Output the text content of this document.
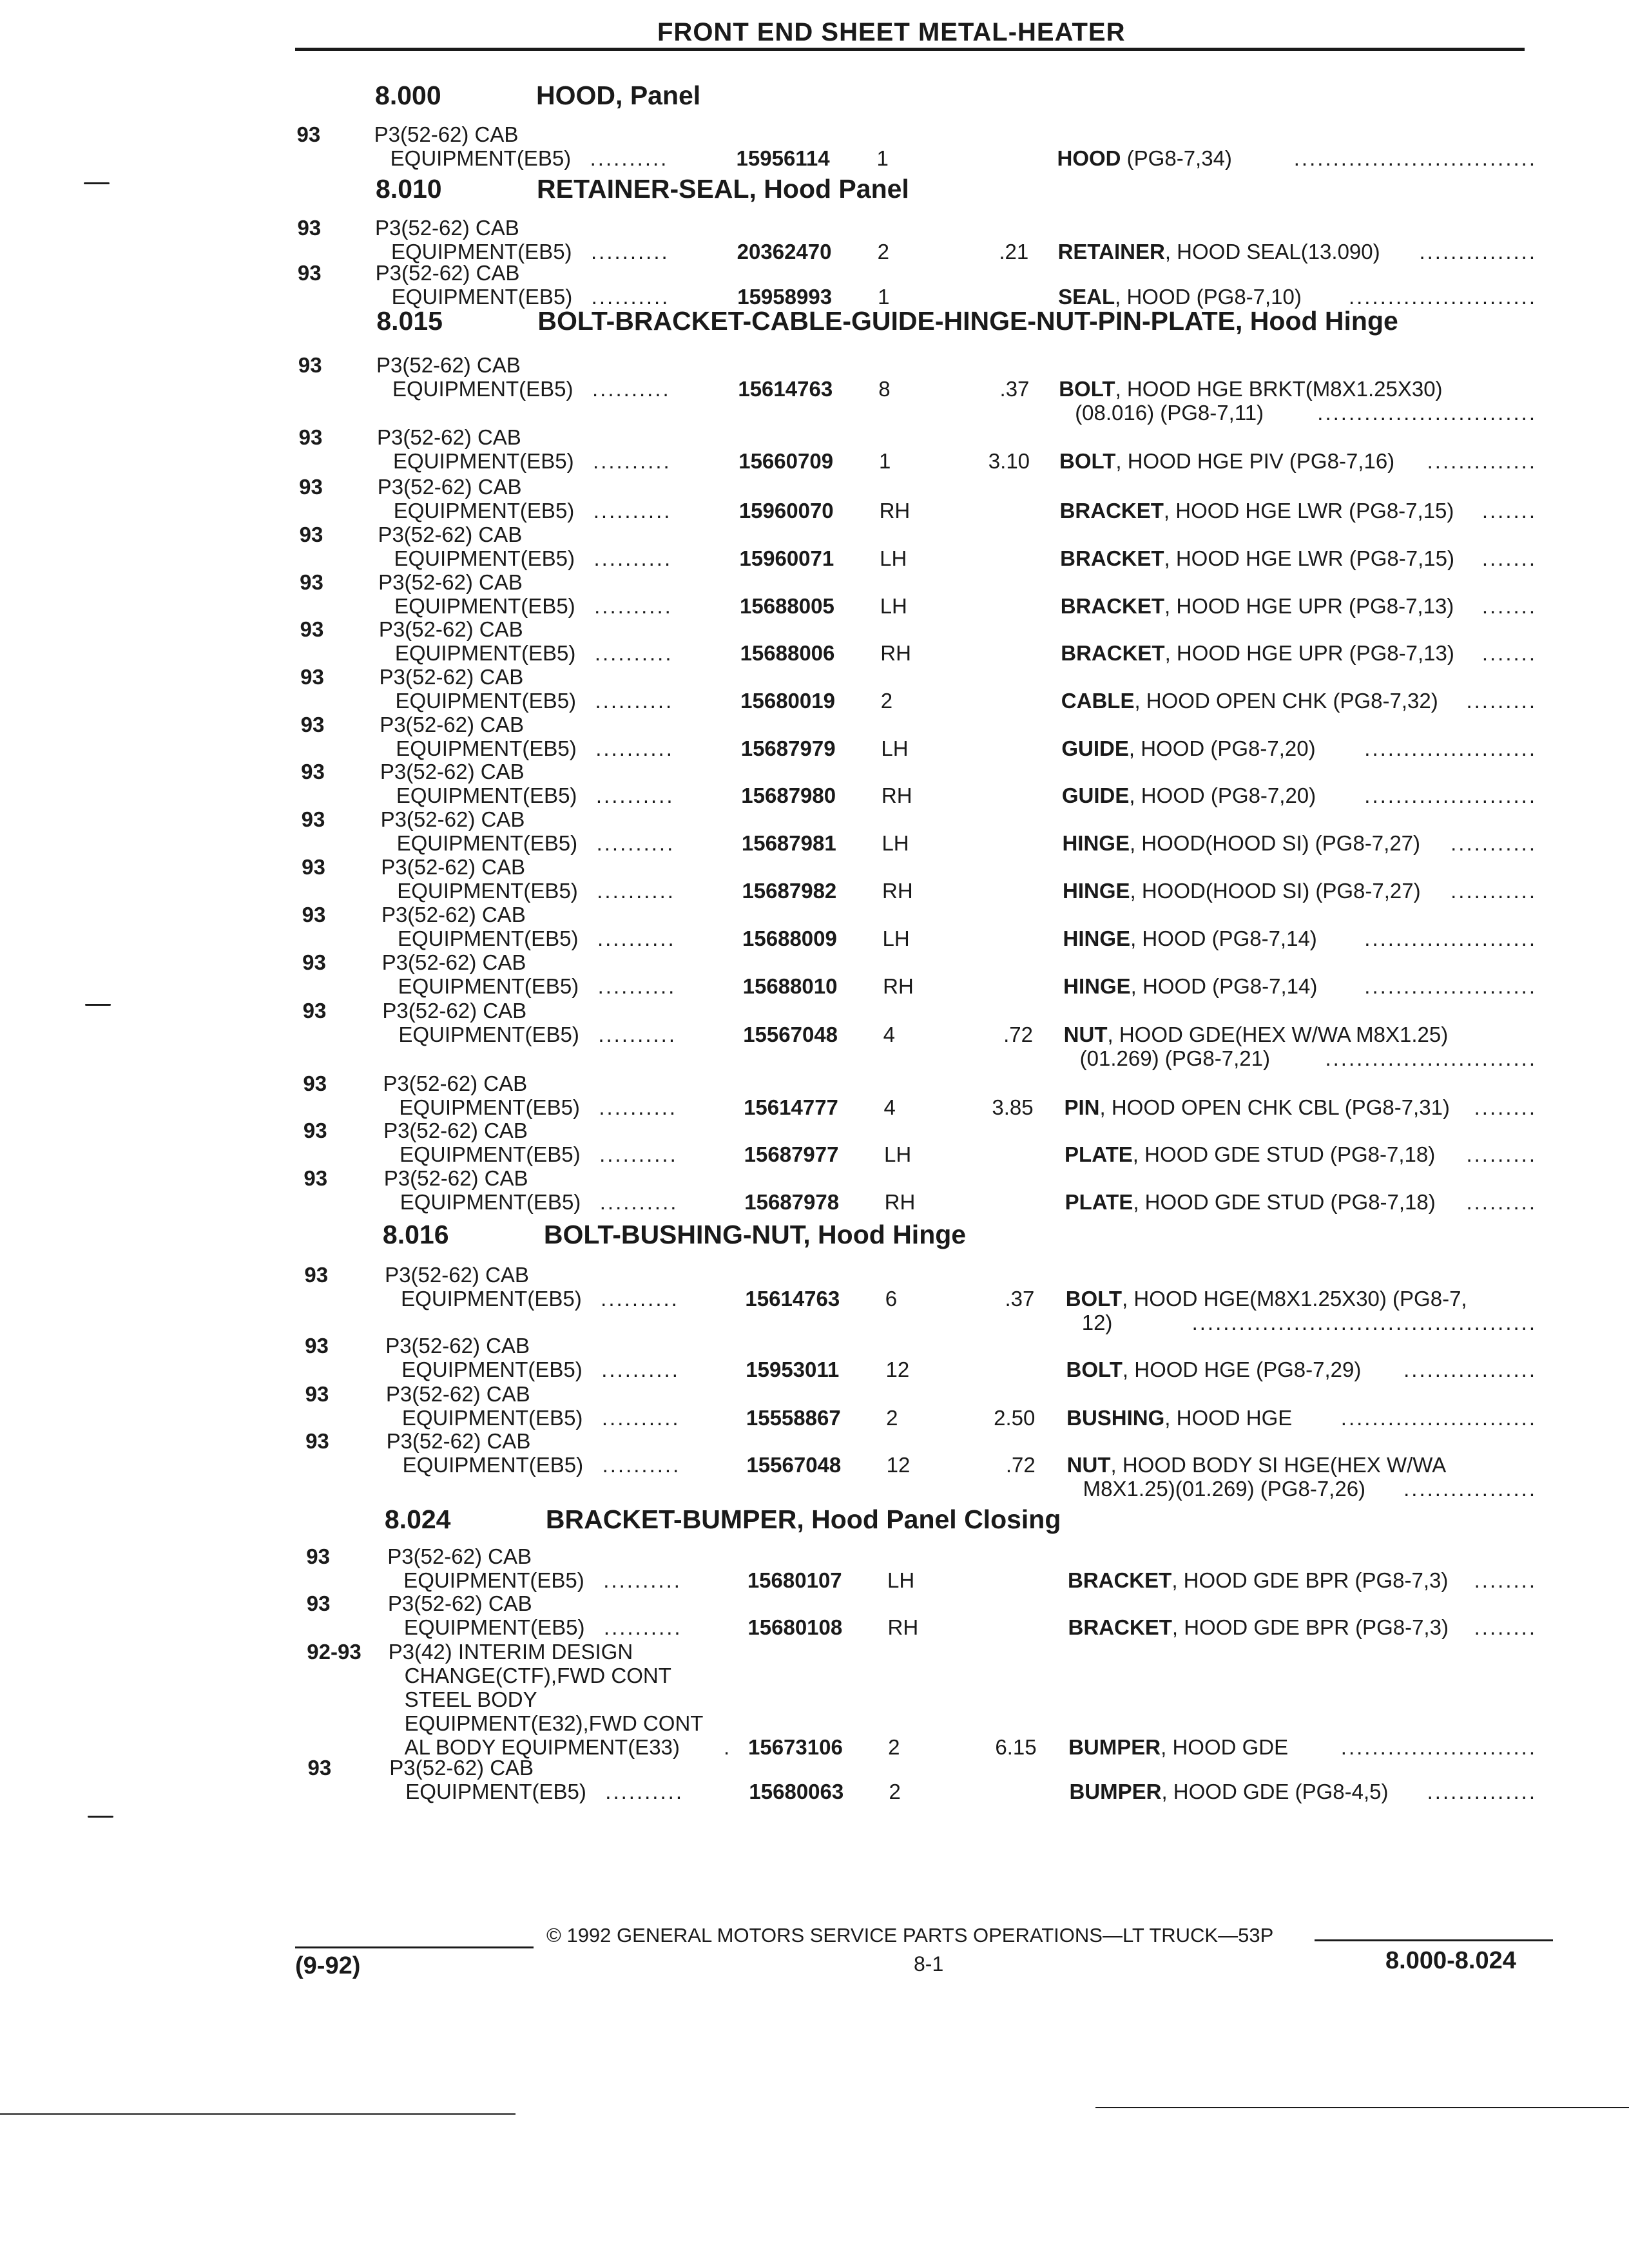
FRONT END SHEET METAL-HEATER
8.000	HOOD, Panel
93	P3(52-62) CAB
EQUIPMENT(EB5) ..........	15956114 1	HOOD (PG8-7,34)	...............................
8.010	RETAINER-SEAL, Hood Panel
93	P3(52-62) CAB
EQUIPMENT(EB5) ..........	20362470 2	.21 RETAINER, HOOD SEAL(13.090) ...............
93	P3(52-62) CAB
EQUIPMENT(EB5) ..........	15958993 1	SEAL, HOOD (PG8-7,10) ........................
8.015	BOLT-BRACKET-CABLE-GUIDE-HINGE-NUT-PIN-PLATE, Hood Hinge
93	P3(52-62) CAB
EQUIPMENT(EB5) ..........	15614763 8	.37 BOLT, HOOD HGE BRKT(M8X1.25X30)
............................
(08.016) (PG8-7,11)
93	P3(52-62) CAB
EQUIPMENT(EB5) ..........	15660709 1	3.10 BOLT, HOOD HGE PIV (PG8-7,16) ..............
93	P3(52-62) CAB
EQUIPMENT(EB5) ..........	15960070 RH	BRACKET, HOOD HGE LWR (PG8-7,15) .......
93	P3(52-62) CAB
EQUIPMENT(EB5) ..........	15960071 LH	BRACKET, HOOD HGE LWR (PG8-7,15) .......
93	P3(52-62) CAB
EQUIPMENT(EB5) ..........	15688005 LH	BRACKET, HOOD HGE UPR (PG8-7,13) .......
93	P3(52-62) CAB
EQUIPMENT(EB5) ..........	15688006 RH	BRACKET, HOOD HGE UPR (PG8-7,13) .......
93	P3(52-62) CAB
EQUIPMENT(EB5) ..........	15680019 2	CABLE, HOOD OPEN CHK (PG8-7,32) .........
93	P3(52-62) CAB
EQUIPMENT(EB5) ..........	15687979 LH	GUIDE, HOOD (PG8-7,20) ......................
93	P3(52-62) CAB
EQUIPMENT(EB5) ..........	15687980 RH	GUIDE, HOOD (PG8-7,20) ......................
93	P3(52-62) CAB
EQUIPMENT(EB5) ..........	15687981 LH	HINGE, HOOD(HOOD SI) (PG8-7,27) ...........
93	P3(52-62) CAB
EQUIPMENT(EB5) ..........	15687982 RH	HINGE, HOOD(HOOD SI) (PG8-7,27) ...........
93	P3(52-62) CAB
EQUIPMENT(EB5) ..........	15688009 LH	HINGE, HOOD (PG8-7,14) ......................
93	P3(52-62) CAB
EQUIPMENT(EB5) ..........	15688010 RH	HINGE, HOOD (PG8-7,14) ......................
93	P3(52-62) CAB
EQUIPMENT(EB5) ..........	15567048 4	.72 NUT, HOOD GDE(HEX W/WA M8X1.25)
...........................
(01.269) (PG8-7,21)
93	P3(52-62) CAB
EQUIPMENT(EB5) ..........	15614777 4	3.85 PIN, HOOD OPEN CHK CBL (PG8-7,31) ........
93	P3(52-62) CAB
EQUIPMENT(EB5) ..........	15687977 LH	PLATE, HOOD GDE STUD (PG8-7,18) .........
93	P3(52-62) CAB
EQUIPMENT(EB5) ..........	15687978 RH	PLATE, HOOD GDE STUD (PG8-7,18) .........
8.016	BOLT-BUSHING-NUT, Hood Hinge
93	P3(52-62) CAB
EQUIPMENT(EB5) ..........	15614763 6	.37 BOLT, HOOD HGE(M8X1.25X30) (PG8-7,
............................................
12)
93	P3(52-62) CAB
EQUIPMENT(EB5) ..........	15953011 12	BOLT, HOOD HGE (PG8-7,29) .................
93	P3(52-62) CAB
EQUIPMENT(EB5) ..........	15558867 2	2.50 BUSHING, HOOD HGE .........................
93	P3(52-62) CAB
EQUIPMENT(EB5) ..........	15567048 12	.72 NUT, HOOD BODY SI HGE(HEX W/WA
.................
M8X1.25)(01.269) (PG8-7,26)
8.024	BRACKET-BUMPER, Hood Panel Closing
93	P3(52-62) CAB
EQUIPMENT(EB5) ..........	15680107 LH	BRACKET, HOOD GDE BPR (PG8-7,3) ........
93	P3(52-62) CAB
EQUIPMENT(EB5) ..........	15680108 RH	BRACKET, HOOD GDE BPR (PG8-7,3) ........
92-93 P3(42) INTERIM DESIGN
CHANGE(CTF),FWD CONT
STEEL BODY
EQUIPMENT(E32),FWD CONT
AL BODY EQUIPMENT(E33) . 15673106 2	6.15 BUMPER, HOOD GDE .........................
93	P3(52-62) CAB
EQUIPMENT(EB5) ..........	15680063 2	BUMPER, HOOD GDE (PG8-4,5) ..............
© 1992 GENERAL MOTORS SERVICE PARTS OPERATIONS—LT TRUCK—53P
(9-92)	8-1	8.000-8.024
